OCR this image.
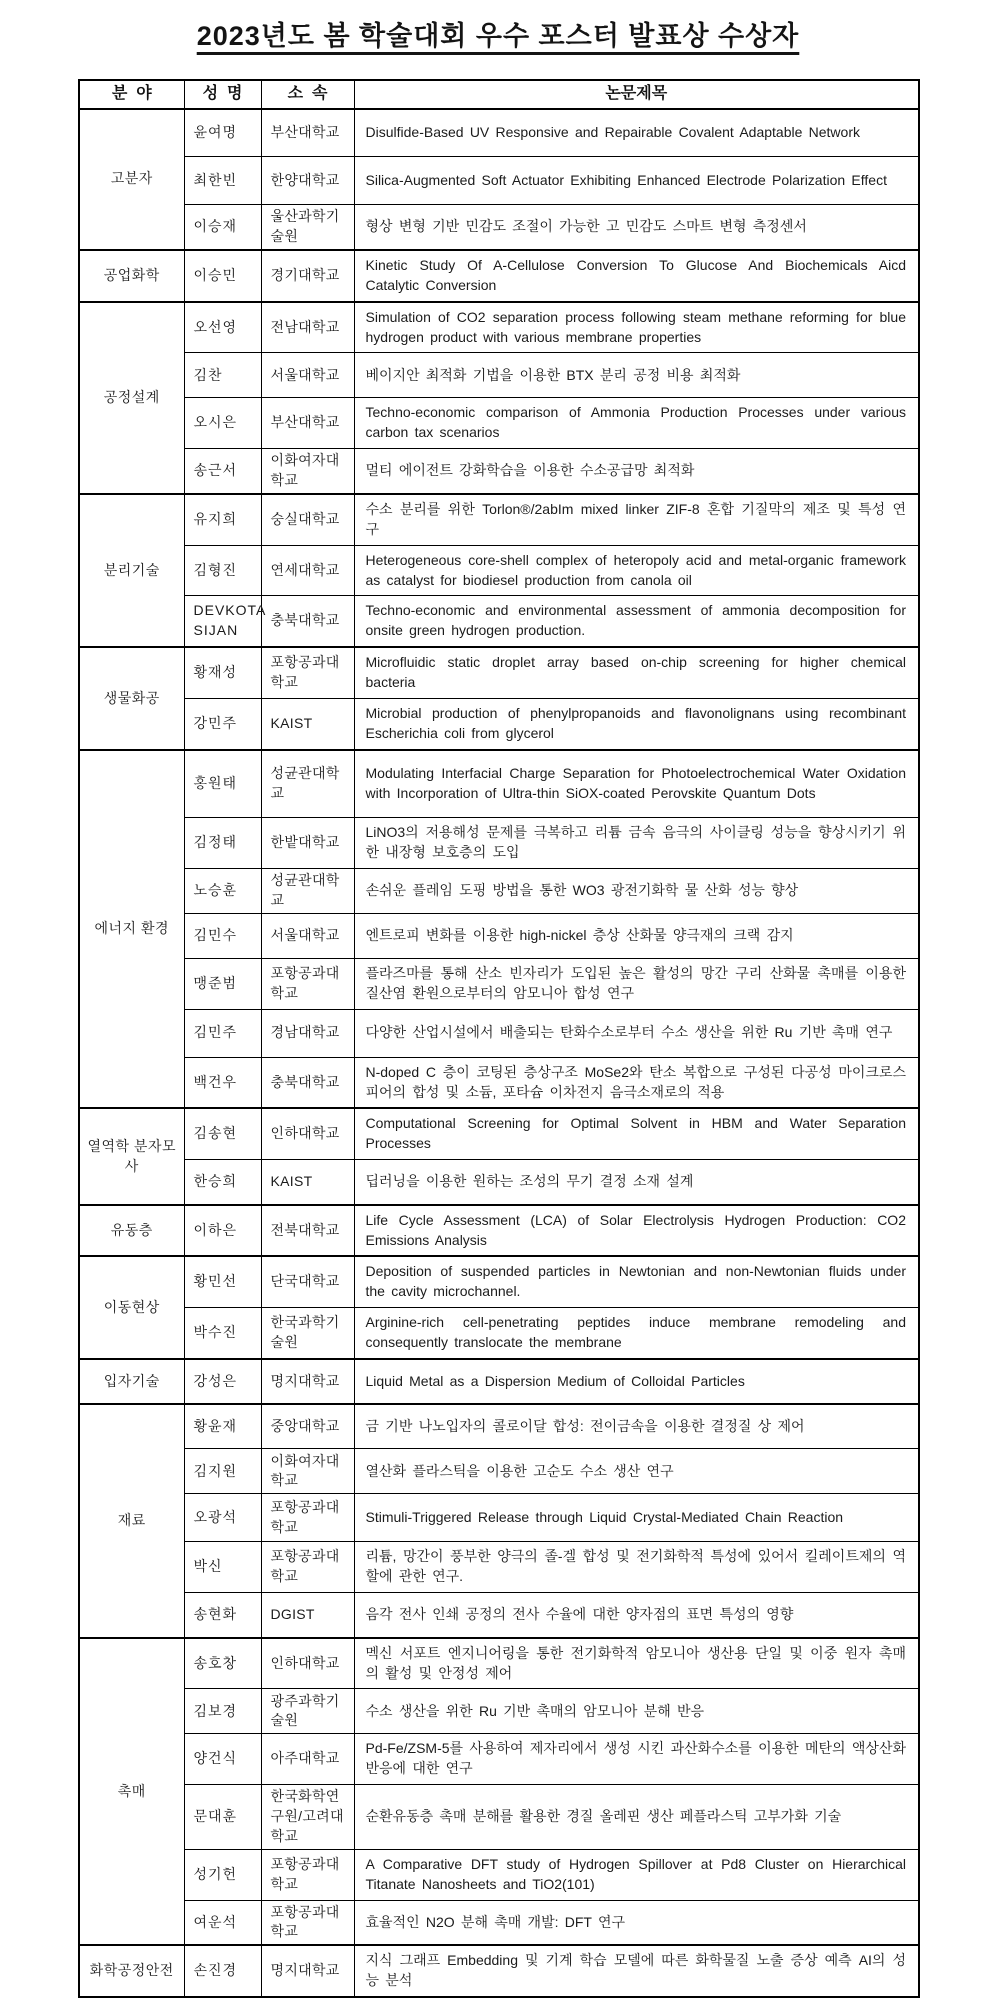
2023년도 봄 학술대회 우수 포스터 발표상 수상자
분  야	성  명	소  속	논문제목
고분자	윤여명	부산대학교	Disulfide-Based UV Responsive and Repairable Covalent Adaptable Network
	최한빈	한양대학교	Silica-Augmented Soft Actuator Exhibiting Enhanced Electrode Polarization Effect
	이승재	울산과학기술원	형상 변형 기반 민감도 조절이 가능한 고 민감도 스마트 변형 측정센서
공업화학	이승민	경기대학교	Kinetic Study Of A-Cellulose Conversion To Glucose And Biochemicals Aicd Catalytic Conversion
공정설계	오선영	전남대학교	Simulation of CO2 separation process following steam methane reforming for blue hydrogen product with various membrane properties
	김찬	서울대학교	베이지안 최적화 기법을 이용한 BTX 분리 공정 비용 최적화
	오시은	부산대학교	Techno-economic comparison of Ammonia Production Processes under various carbon tax scenarios
	송근서	이화여자대학교	멀티 에이전트 강화학습을 이용한 수소공급망 최적화
분리기술	유지희	숭실대학교	수소 분리를 위한 Torlon®/2abIm mixed linker ZIF-8 혼합 기질막의 제조 및 특성 연구
	김형진	연세대학교	Heterogeneous core-shell complex of heteropoly acid and metal-organic framework as catalyst for biodiesel production from canola oil
	DEVKOTA SIJAN	충북대학교	Techno-economic and environmental assessment of ammonia decomposition for onsite green hydrogen production.
생물화공	황재성	포항공과대학교	Microfluidic static droplet array based on-chip screening for higher chemical bacteria
	강민주	KAIST	Microbial production of phenylpropanoids and flavonolignans using recombinant Escherichia coli from glycerol
에너지 환경	홍원태	성균관대학교	Modulating Interfacial Charge Separation for Photoelectrochemical Water Oxidation with Incorporation of Ultra-thin SiOX-coated Perovskite Quantum Dots
	김정태	한밭대학교	LiNO3의 저용해성 문제를 극복하고 리튬 금속 음극의 사이클링 성능을 향상시키기 위한 내장형 보호층의 도입
	노승훈	성균관대학교	손쉬운 플레임 도핑 방법을 통한 WO3 광전기화학 물 산화 성능 향상
	김민수	서울대학교	엔트로피 변화를 이용한 high-nickel 층상 산화물 양극재의 크랙 감지
	맹준범	포항공과대학교	플라즈마를 통해 산소 빈자리가 도입된 높은 활성의 망간 구리 산화물 촉매를 이용한 질산염 환원으로부터의 암모니아 합성 연구
	김민주	경남대학교	다양한 산업시설에서 배출되는 탄화수소로부터 수소 생산을 위한 Ru 기반 촉매 연구
	백건우	충북대학교	N-doped C 층이 코팅된 층상구조 MoSe2와 탄소 복합으로 구성된 다공성 마이크로스피어의 합성 및 소듐, 포타슘 이차전지 음극소재로의 적용
열역학 분자모사	김송현	인하대학교	Computational Screening for Optimal Solvent in HBM and Water Separation Processes
	한승희	KAIST	딥러닝을 이용한 원하는 조성의 무기 결정 소재 설계
유동층	이하은	전북대학교	Life Cycle Assessment (LCA) of Solar Electrolysis Hydrogen Production: CO2 Emissions Analysis
이동현상	황민선	단국대학교	Deposition of suspended particles in Newtonian and non-Newtonian fluids under the cavity microchannel.
	박수진	한국과학기술원	Arginine-rich cell-penetrating peptides induce membrane remodeling and consequently translocate the membrane
입자기술	강성은	명지대학교	Liquid Metal as a Dispersion Medium of Colloidal Particles
재료	황윤재	중앙대학교	금 기반 나노입자의 콜로이달 합성: 전이금속을 이용한 결정질 상 제어
	김지원	이화여자대학교	열산화 플라스틱을 이용한 고순도 수소 생산 연구
	오광석	포항공과대학교	Stimuli-Triggered Release through Liquid Crystal-Mediated Chain Reaction
	박신	포항공과대학교	리튬, 망간이 풍부한 양극의 졸-겔 합성 및 전기화학적 특성에 있어서 킬레이트제의 역할에 관한 연구.
	송현화	DGIST	음각 전사 인쇄 공정의 전사 수율에 대한 양자점의 표면 특성의 영향
촉매	송호창	인하대학교	멕신 서포트 엔지니어링을 통한 전기화학적 암모니아 생산용 단일 및 이중 원자 촉매의 활성 및 안정성 제어
	김보경	광주과학기술원	수소 생산을 위한 Ru 기반 촉매의 암모니아 분해 반응
	양건식	아주대학교	Pd-Fe/ZSM-5를 사용하여 제자리에서 생성 시킨 과산화수소를 이용한 메탄의 액상산화 반응에 대한 연구
	문대훈	한국화학연구원/고려대학교	순환유동층 촉매 분해를 활용한 경질 올레핀 생산 페플라스틱 고부가화 기술
	성기헌	포항공과대학교	A Comparative DFT study of Hydrogen Spillover at Pd8 Cluster on Hierarchical Titanate Nanosheets and TiO2(101)
	여운석	포항공과대학교	효율적인 N2O 분해 촉매 개발: DFT 연구
화학공정안전	손진경	명지대학교	지식 그래프 Embedding 및 기계 학습 모델에 따른 화학물질 노출 증상 예측 AI의 성능 분석
